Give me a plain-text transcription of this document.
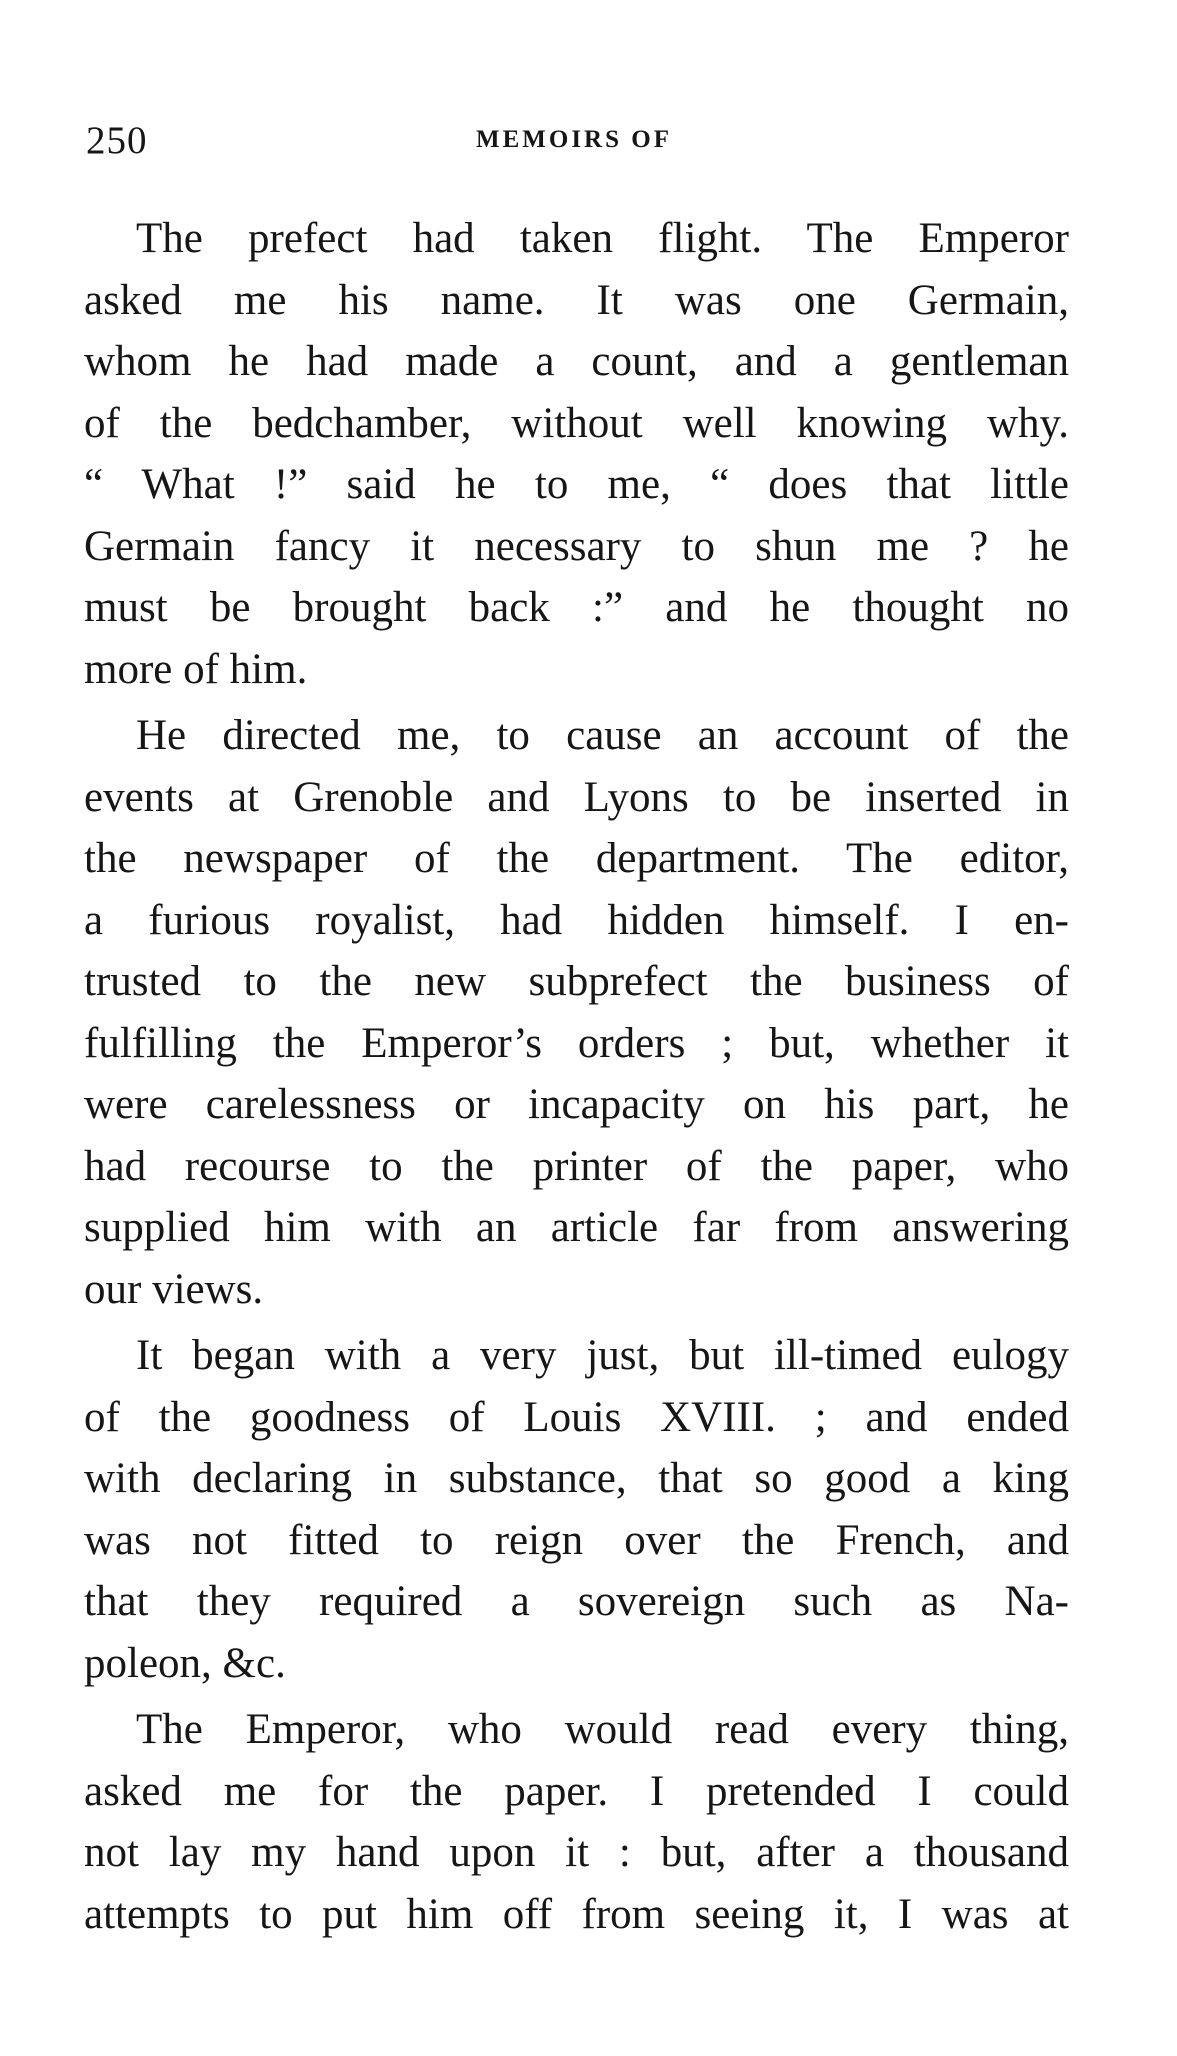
250	MEMOIRS OF
The prefect had taken flight. The Emperor
asked me his name. It was one Germain,
whom he had made a count, and a gentleman
of the bedchamber, without well knowing why.
“ What !” said he to me, “ does that little
Germain fancy it necessary to shun me ? he
must be brought back :” and he thought no
more of him.
He directed me, to cause an account of the
events at Grenoble and Lyons to be inserted in
the newspaper of the department. The editor,
a furious royalist, had hidden himself. I en-
trusted to the new subprefect the business of
fulfilling the Emperor’s orders ; but, whether it
were carelessness or incapacity on his part, he
had recourse to the printer of the paper, who
supplied him with an article far from answering
our views.
It began with a very just, but ill-timed eulogy
of the goodness of Louis XVIII. ; and ended
with declaring in substance, that so good a king
was not fitted to reign over the French, and
that they required a sovereign such as Na-
poleon, &c.
The Emperor, who would read every thing,
asked me for the paper. I pretended I could
not lay my hand upon it : but, after a thousand
attempts to put him off from seeing it, I was at
